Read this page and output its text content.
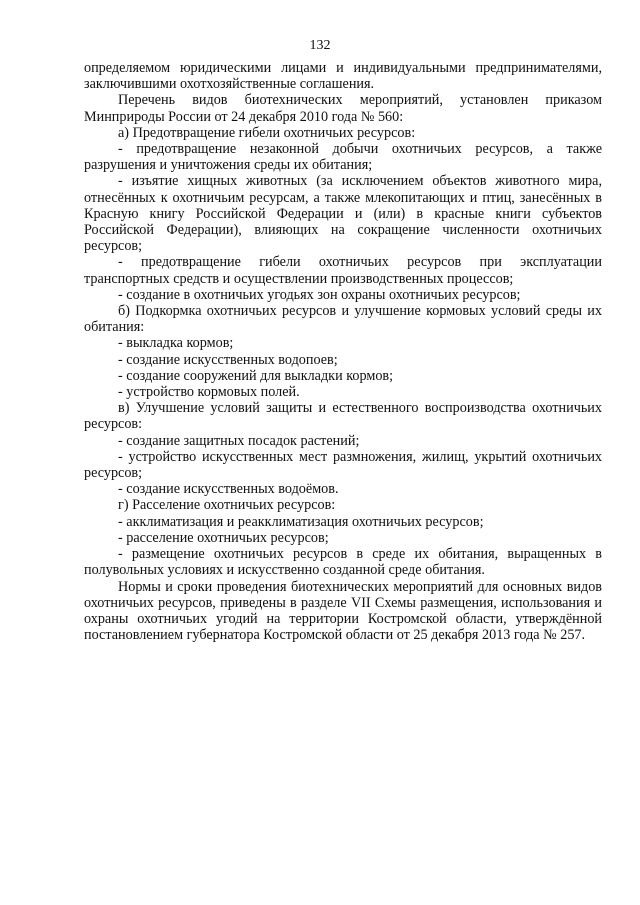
132

определяемом юридическими лицами и индивидуальными предпринимателями, заключившими охотхозяйственные соглашения.

Перечень видов биотехнических мероприятий, установлен приказом Минприроды России от 24 декабря 2010 года № 560:

а) Предотвращение гибели охотничьих ресурсов:

- предотвращение незаконной добычи охотничьих ресурсов, а также разрушения и уничтожения среды их обитания;

- изъятие хищных животных (за исключением объектов животного мира, отнесённых к охотничьим ресурсам, а также млекопитающих и птиц, занесённых в Красную книгу Российской Федерации и (или) в красные книги субъектов Российской Федерации), влияющих на сокращение численности охотничьих ресурсов;

- предотвращение гибели охотничьих ресурсов при эксплуатации транспортных средств и осуществлении производственных процессов;

- создание в охотничьих угодьях зон охраны охотничьих ресурсов;

б) Подкормка охотничьих ресурсов и улучшение кормовых условий среды их обитания:

- выкладка кормов;

- создание искусственных водопоев;

- создание сооружений для выкладки кормов;

- устройство кормовых полей.

в) Улучшение условий защиты и естественного воспроизводства охотничьих ресурсов:

- создание защитных посадок растений;

- устройство искусственных мест размножения, жилищ, укрытий охотничьих ресурсов;

- создание искусственных водоёмов.

г) Расселение охотничьих ресурсов:

- акклиматизация и реакклиматизация охотничьих ресурсов;

- расселение охотничьих ресурсов;

- размещение охотничьих ресурсов в среде их обитания, выращенных в полувольных условиях и искусственно созданной среде обитания.

Нормы и сроки проведения биотехнических мероприятий для основных видов охотничьих ресурсов, приведены в разделе VII Схемы размещения, использования и охраны охотничьих угодий на территории Костромской области, утверждённой постановлением губернатора Костромской области от 25 декабря 2013 года № 257.
